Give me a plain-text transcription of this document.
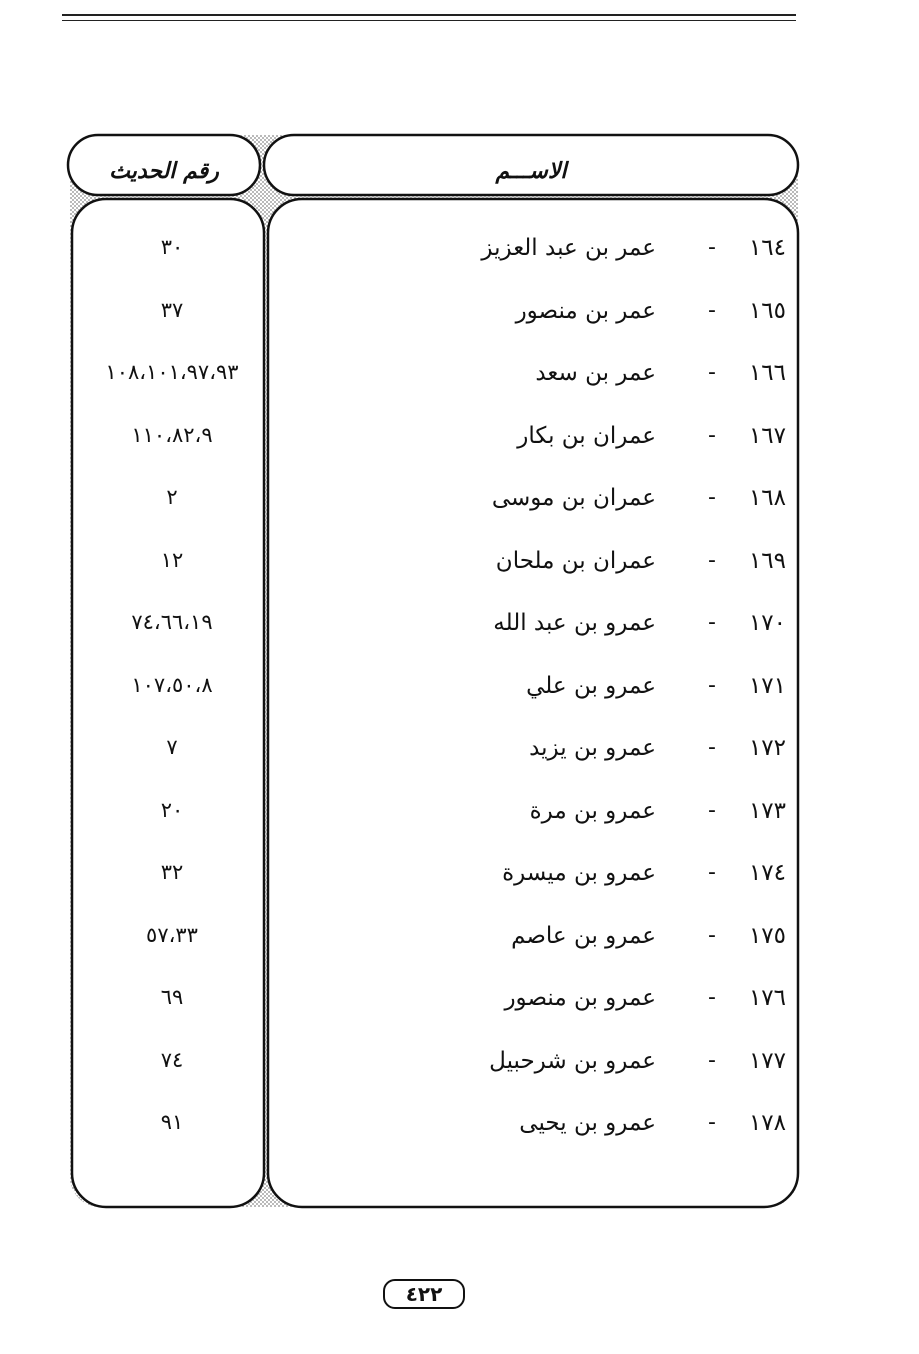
الاســـم
رقم الحديث
١٦٤
-
عمر بن عبد العزيز
٣٠
١٦٥
-
عمر بن منصور
٣٧
١٦٦
-
عمر بن سعد
١٠٨،١٠١،٩٧،٩٣
١٦٧
-
عمران بن بكار
١١٠،٨٢،٩
١٦٨
-
عمران بن موسى
٢
١٦٩
-
عمران بن ملحان
١٢
١٧٠
-
عمرو بن عبد الله
٧٤،٦٦،١٩
١٧١
-
عمرو بن علي
١٠٧،٥٠،٨
١٧٢
-
عمرو بن يزيد
٧
١٧٣
-
عمرو بن مرة
٢٠
١٧٤
-
عمرو بن ميسرة
٣٢
١٧٥
-
عمرو بن عاصم
٥٧،٣٣
١٧٦
-
عمرو بن منصور
٦٩
١٧٧
-
عمرو بن شرحبيل
٧٤
١٧٨
-
عمرو بن يحيى
٩١
٤٢٢
